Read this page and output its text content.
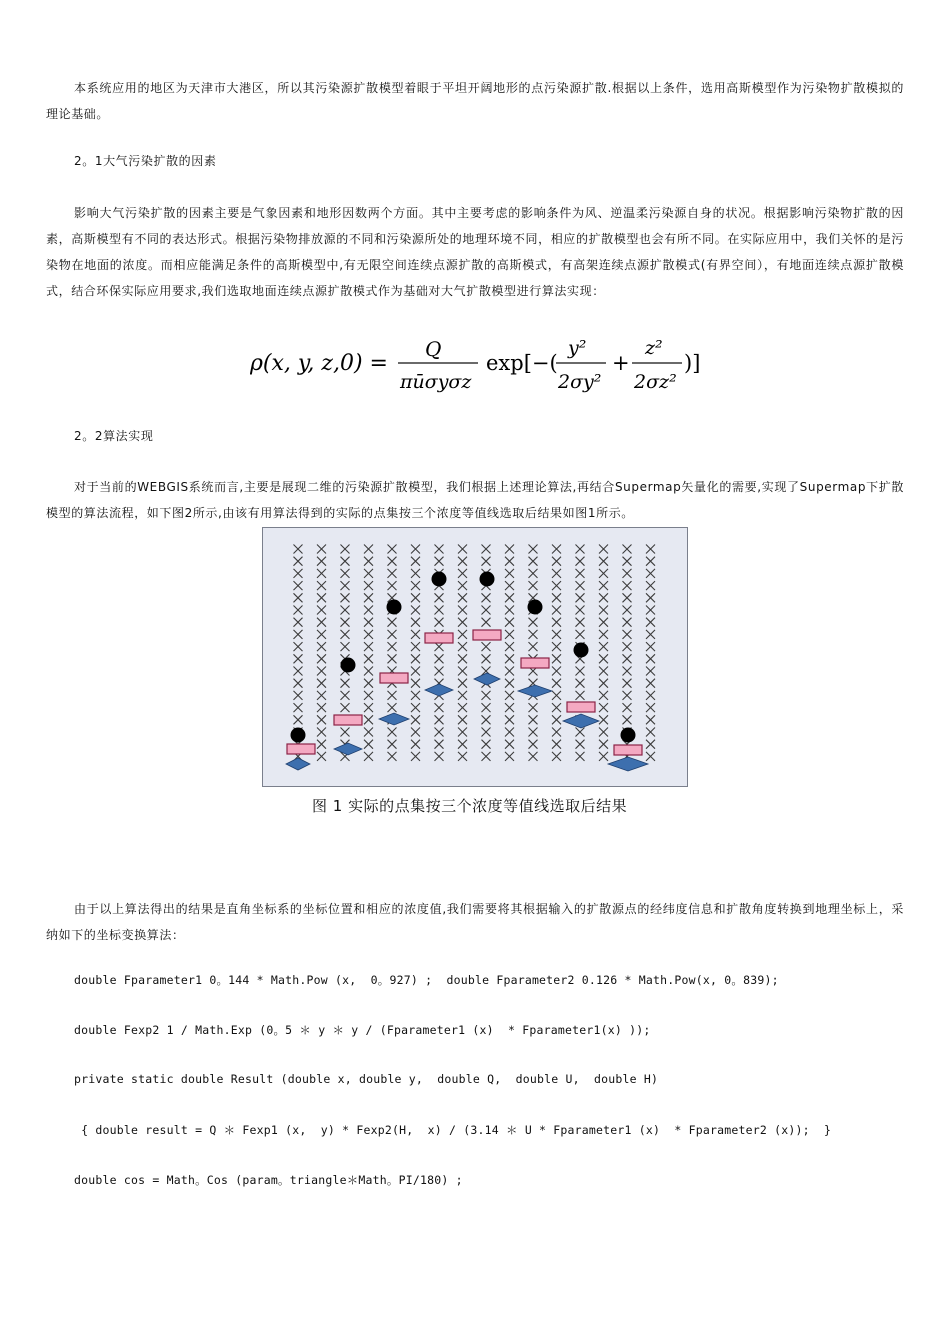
本系统应用的地区为天津市大港区，所以其污染源扩散模型着眼于平坦开阔地形的点污染源扩散.根据以上条件，选用高斯模型作为污染物扩散模拟的理论基础。

2。1大气污染扩散的因素

影响大气污染扩散的因素主要是气象因素和地形因数两个方面。其中主要考虑的影响条件为风、逆温柔污染源自身的状况。根据影响污染物扩散的因素，高斯模型有不同的表达形式。根据污染物排放源的不同和污染源所处的地理环境不同，相应的扩散模型也会有所不同。在实际应用中，我们关怀的是污染物在地面的浓度。而相应能满足条件的高斯模型中,有无限空间连续点源扩散的高斯模式，有高架连续点源扩散模式(有界空间），有地面连续点源扩散模式，结合环保实际应用要求,我们选取地面连续点源扩散模式作为基础对大气扩散模型进行算法实现：

ρ(x, y, z,0) =
Q
πūσyσz
exp[−(
y²
2σy²
+
z²
2σz²
)]

2。2算法实现

对于当前的WEBGIS系统而言,主要是展现二维的污染源扩散模型，我们根据上述理论算法,再结合Supermap矢量化的需要,实现了Supermap下扩散模型的算法流程，如下图2所示,由该有用算法得到的实际的点集按三个浓度等值线选取后结果如图1所示。

图 1 实际的点集按三个浓度等值线选取后结果

由于以上算法得出的结果是直角坐标系的坐标位置和相应的浓度值,我们需要将其根据输入的扩散源点的经纬度信息和扩散角度转换到地理坐标上，采纳如下的坐标变换算法：

double Fparameter1 0。144 * Math.Pow (x,  0。927) ;  double Fparameter2 0.126 * Math.Pow(x, 0。839);
double Fexp2 1 / Math.Exp (0。5 ＊ y ＊ y / (Fparameter1 (x)  * Fparameter1(x) ));
private static double Result (double x, double y,  double Q,  double U,  double H)
{ double result = Q ＊ Fexp1 (x,  y) * Fexp2(H,  x) / (3.14 ＊ U * Fparameter1 (x)  * Fparameter2 (x));  }
double cos = Math。Cos (param。triangle＊Math。PI/180) ;
